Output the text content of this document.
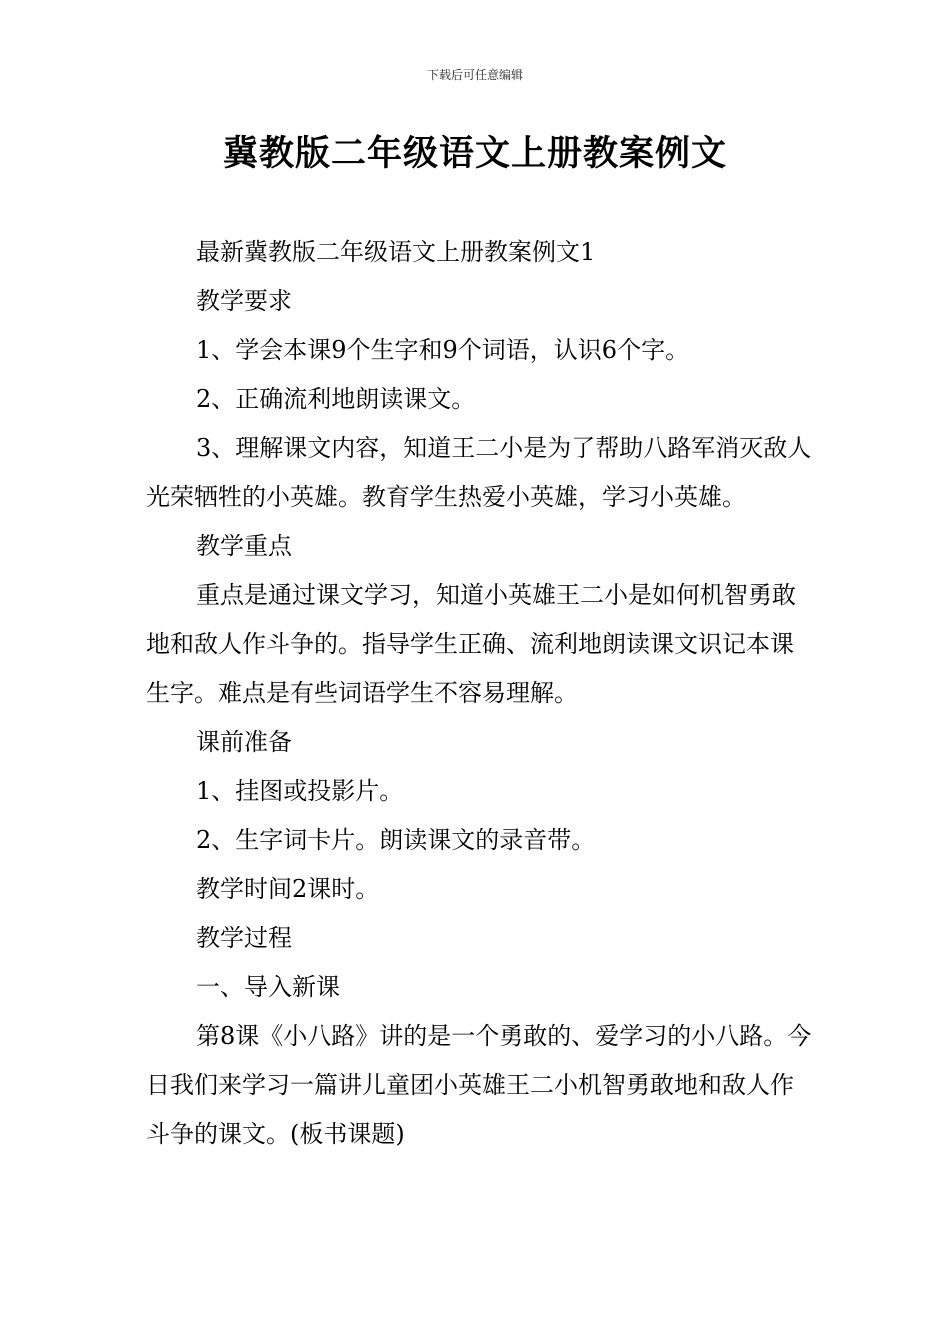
下载后可任意编辑
冀教版二年级语文上册教案例文

最新冀教版二年级语文上册教案例文1

教学要求

1、学会本课9个生字和9个词语，认识6个字。

2、正确流利地朗读课文。

3、理解课文内容，知道王二小是为了帮助八路军消灭敌人光荣牺牲的小英雄。教育学生热爱小英雄，学习小英雄。

教学重点

重点是通过课文学习，知道小英雄王二小是如何机智勇敢地和敌人作斗争的。指导学生正确、流利地朗读课文识记本课生字。难点是有些词语学生不容易理解。

课前准备

1、挂图或投影片。

2、生字词卡片。朗读课文的录音带。

教学时间2课时。

教学过程

一、导入新课

第8课《小八路》讲的是一个勇敢的、爱学习的小八路。今日我们来学习一篇讲儿童团小英雄王二小机智勇敢地和敌人作斗争的课文。(板书课题)
